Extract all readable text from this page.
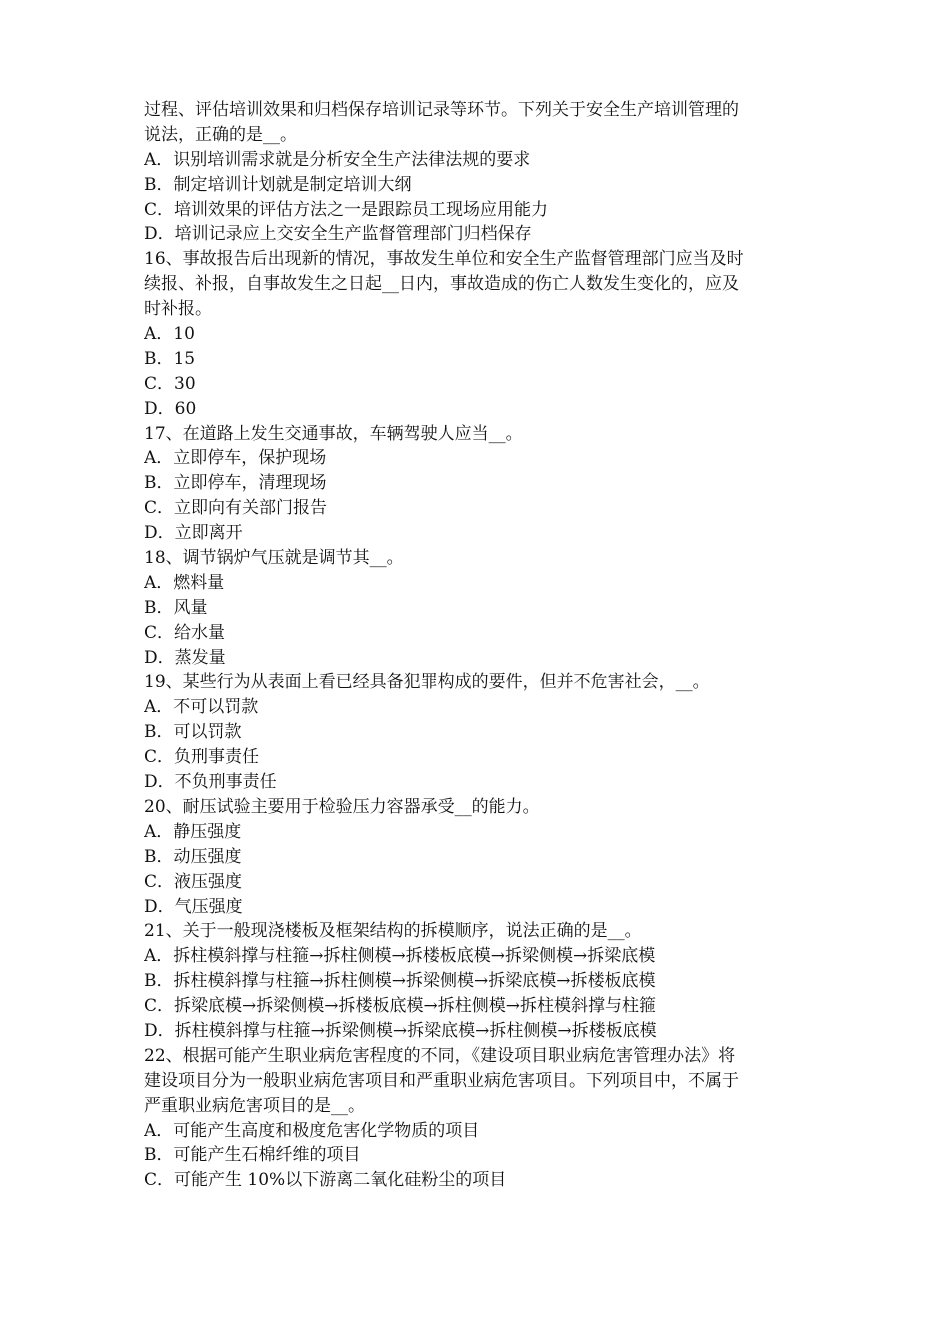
过程、评估培训效果和归档保存培训记录等环节。下列关于安全生产培训管理的
说法，正确的是__。
A．识别培训需求就是分析安全生产法律法规的要求
B．制定培训计划就是制定培训大纲
C．培训效果的评估方法之一是跟踪员工现场应用能力
D．培训记录应上交安全生产监督管理部门归档保存
16、事故报告后出现新的情况，事故发生单位和安全生产监督管理部门应当及时
续报、补报，自事故发生之日起__日内，事故造成的伤亡人数发生变化的，应及
时补报。
A．10
B．15
C．30
D．60
17、在道路上发生交通事故，车辆驾驶人应当__。
A．立即停车，保护现场
B．立即停车，清理现场
C．立即向有关部门报告
D．立即离开
18、调节锅炉气压就是调节其__。
A．燃料量
B．风量
C．给水量
D．蒸发量
19、某些行为从表面上看已经具备犯罪构成的要件，但并不危害社会，__。
A．不可以罚款
B．可以罚款
C．负刑事责任
D．不负刑事责任
20、耐压试验主要用于检验压力容器承受__的能力。
A．静压强度
B．动压强度
C．液压强度
D．气压强度
21、关于一般现浇楼板及框架结构的拆模顺序，说法正确的是__。
A．拆柱模斜撑与柱箍→拆柱侧模→拆楼板底模→拆梁侧模→拆梁底模
B．拆柱模斜撑与柱箍→拆柱侧模→拆梁侧模→拆梁底模→拆楼板底模
C．拆梁底模→拆梁侧模→拆楼板底模→拆柱侧模→拆柱模斜撑与柱箍
D．拆柱模斜撑与柱箍→拆梁侧模→拆梁底模→拆柱侧模→拆楼板底模
22、根据可能产生职业病危害程度的不同，《建设项目职业病危害管理办法》将
建设项目分为一般职业病危害项目和严重职业病危害项目。下列项目中，不属于
严重职业病危害项目的是__。
A．可能产生高度和极度危害化学物质的项目
B．可能产生石棉纤维的项目
C．可能产生 10%以下游离二氧化硅粉尘的项目
